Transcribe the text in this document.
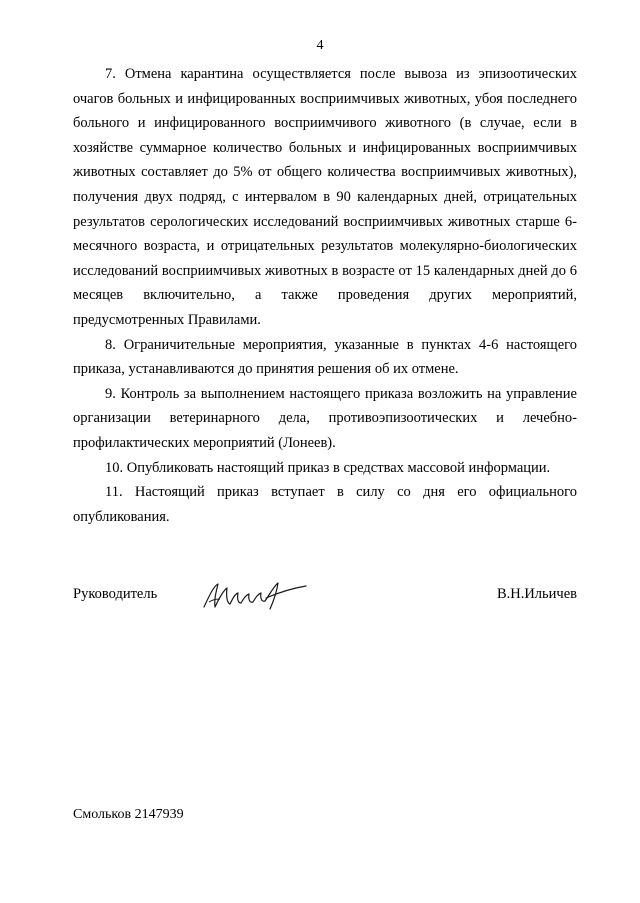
4

7. Отмена карантина осуществляется после вывоза из эпизоотических очагов больных и инфицированных восприимчивых животных, убоя последнего больного и инфицированного восприимчивого животного (в случае, если в хозяйстве суммарное количество больных и инфицированных восприимчивых животных составляет до 5% от общего количества восприимчивых животных), получения двух подряд, с интервалом в 90 календарных дней, отрицательных результатов серологических исследований восприимчивых животных старше 6-месячного возраста, и отрицательных результатов молекулярно-биологических исследований восприимчивых животных в возрасте от 15 календарных дней до 6 месяцев включительно, а также проведения других мероприятий, предусмотренных Правилами.

8. Ограничительные мероприятия, указанные в пунктах 4-6 настоящего приказа, устанавливаются до принятия решения об их отмене.

9. Контроль за выполнением настоящего приказа возложить на управление организации ветеринарного дела, противоэпизоотических и лечебно-профилактических мероприятий (Лонеев).

10. Опубликовать настоящий приказ в средствах массовой информации.

11. Настоящий приказ вступает в силу со дня его официального опубликования.

Руководитель	В.Н.Ильичев
Смольков 2147939
